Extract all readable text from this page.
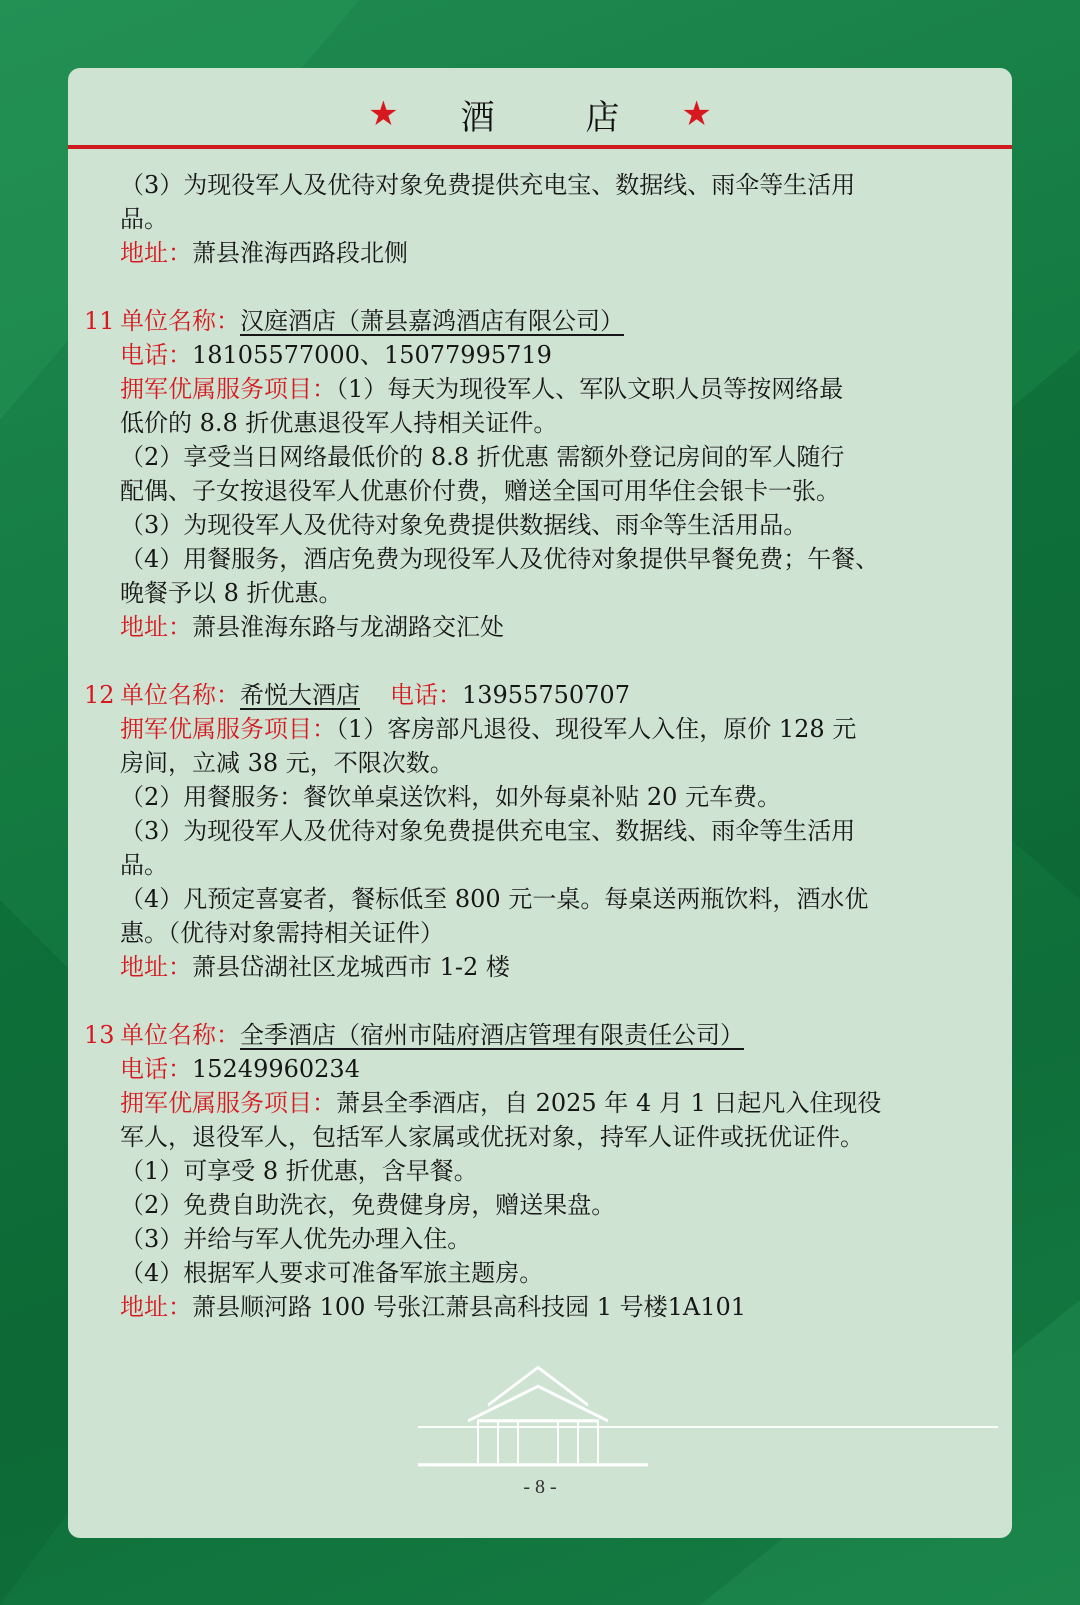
★ 酒 店 ★
（3）为现役军人及优待对象免费提供充电宝、数据线、雨伞等生活用
品。
地址：萧县淮海西路段北侧
11 单位名称：汉庭酒店（萧县嘉鸿酒店有限公司）
电话：18105577000、15077995719
拥军优属服务项目：（1）每天为现役军人、军队文职人员等按网络最
低价的 8.8 折优惠退役军人持相关证件。
（2）享受当日网络最低价的 8.8 折优惠 需额外登记房间的军人随行
配偶、子女按退役军人优惠价付费，赠送全国可用华住会银卡一张。
（3）为现役军人及优待对象免费提供数据线、雨伞等生活用品。
（4）用餐服务，酒店免费为现役军人及优待对象提供早餐免费；午餐、
晚餐予以 8 折优惠。
地址：萧县淮海东路与龙湖路交汇处
12 单位名称：希悦大酒店 电话：13955750707
拥军优属服务项目：（1）客房部凡退役、现役军人入住，原价 128 元
房间，立减 38 元，不限次数。
（2）用餐服务：餐饮单桌送饮料，如外每桌补贴 20 元车费。
（3）为现役军人及优待对象免费提供充电宝、数据线、雨伞等生活用
品。
（4）凡预定喜宴者，餐标低至 800 元一桌。每桌送两瓶饮料，酒水优
惠。（优待对象需持相关证件）
地址：萧县岱湖社区龙城西市 1-2 楼
13 单位名称：全季酒店（宿州市陆府酒店管理有限责任公司）
电话：15249960234
拥军优属服务项目：萧县全季酒店，自 2025 年 4 月 1 日起凡入住现役
军人，退役军人，包括军人家属或优抚对象，持军人证件或抚优证件。
（1）可享受 8 折优惠，含早餐。
（2）免费自助洗衣，免费健身房，赠送果盘。
（3）并给与军人优先办理入住。
（4）根据军人要求可准备军旅主题房。
地址：萧县顺河路 100 号张江萧县高科技园 1 号楼1A101
- 8 -
